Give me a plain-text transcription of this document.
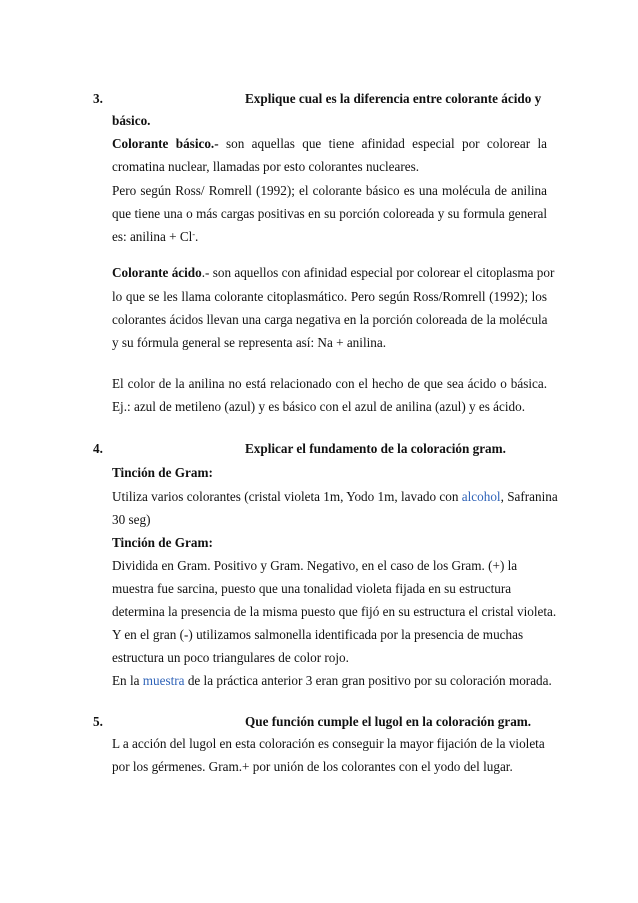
3.	Explique cual es la diferencia entre colorante ácido y
básico.
Colorante básico.- son aquellas que tiene afinidad especial por colorear la
cromatina nuclear, llamadas por esto colorantes nucleares.
Pero según Ross/ Romrell (1992); el colorante básico es una molécula de anilina
que tiene una o más cargas positivas en su porción coloreada y su formula general
es: anilina + Cl-.
Colorante ácido.- son aquellos con afinidad especial por colorear el citoplasma por
lo que se les llama colorante citoplasmático. Pero según Ross/Romrell (1992); los
colorantes ácidos llevan una carga negativa en la porción coloreada de la molécula
y su fórmula general se representa así: Na + anilina.
El color de la anilina no está relacionado con el hecho de que sea ácido o básica.
Ej.: azul de metileno (azul) y es básico con el azul de anilina (azul) y es ácido.
4.	Explicar el fundamento de la coloración gram.
Tinción de Gram:
Utiliza varios colorantes (cristal violeta 1m, Yodo 1m, lavado con alcohol, Safranina
30 seg)
Tinción de Gram:
Dividida en Gram. Positivo y Gram. Negativo, en el caso de los Gram. (+) la
muestra fue sarcina, puesto que una tonalidad violeta fijada en su estructura
determina la presencia de la misma puesto que fijó en su estructura el cristal violeta.
Y en el gran (-) utilizamos salmonella identificada por la presencia de muchas
estructura un poco triangulares de color rojo.
En la muestra de la práctica anterior 3 eran gran positivo por su coloración morada.
5.	Que función cumple el lugol en la coloración gram.
L a acción del lugol en esta coloración es conseguir la mayor fijación de la violeta
por los gérmenes. Gram.+ por unión de los colorantes con el yodo del lugar.
